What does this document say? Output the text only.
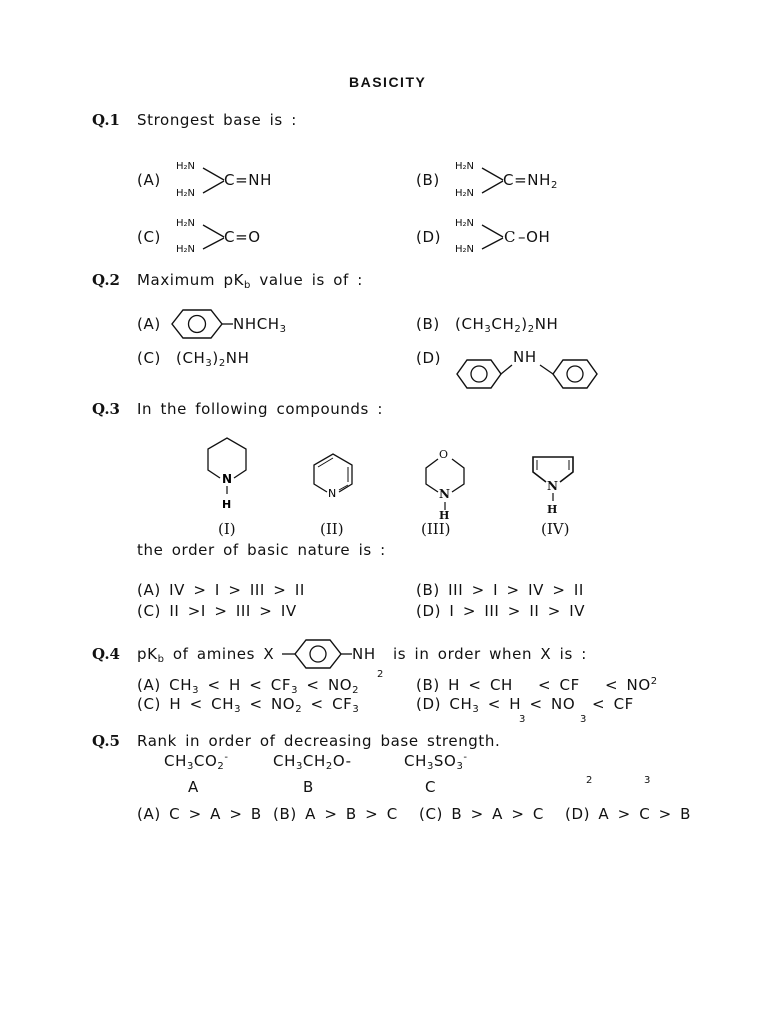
BASICITY
Q.1 Strongest base is :
(A)
H₂N
H₂N
C=NH	(B)
H₂N
H₂N
$C=NH_2$
(C)
H₂N
H₂N
C=O	(D)
H₂N
H₂N
C –OH
Q.2 Maximum $pK_b$ value is of :
(A)	$NHCH_3$	(B) $(CH_3CH_2)_2NH$
(C) $(CH_3)_2NH$	(D)	NH
Q.3 In the following compounds :
N
H
N
O
N
H
N
H
(I)	(II)	(III)	(IV)
the order of basic nature is :
(A) IV > I > III > II	(B) III > I > IV > II
(C) II >I > III > IV	(D) I > III > II > IV
Q.4 $pK_b$ of amines X	NH is in order when X is :
(A) $CH_3 < H < CF_3 < NO_2$
2
(B) H < CH < CF < $NO^2$
(C) $H < CH_3 < NO_2 < CF_3$	(D) $CH_3 < H$ < NO < CF
3	3
Q.5 Rank in order of decreasing base strength.
$CH_3CO_2^-$	$CH_3CH_2O-$	$CH_3SO_3^-$
A	B	C	2	3
(A) C > A > B (B) A > B > C (C) B > A > C (D) A > C > B
